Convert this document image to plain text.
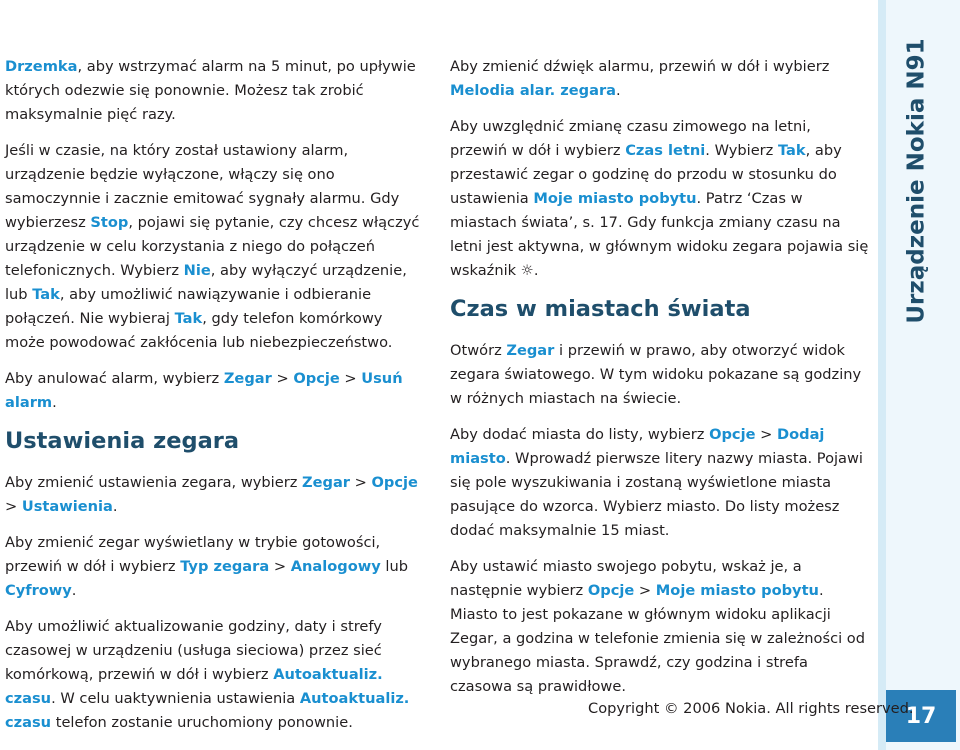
Drzemka, aby wstrzymać alarm na 5 minut, po upływie których odezwie się ponownie. Możesz tak zrobić maksymalnie pięć razy.

Jeśli w czasie, na który został ustawiony alarm, urządzenie będzie wyłączone, włączy się ono samoczynnie i zacznie emitować sygnały alarmu. Gdy wybierzesz Stop, pojawi się pytanie, czy chcesz włączyć urządzenie w celu korzystania z niego do połączeń telefonicznych. Wybierz Nie, aby wyłączyć urządzenie, lub Tak, aby umożliwić nawiązywanie i odbieranie połączeń. Nie wybieraj Tak, gdy telefon komórkowy może powodować zakłócenia lub niebezpieczeństwo.

Aby anulować alarm, wybierz Zegar > Opcje > Usuń alarm.

Ustawienia zegara

Aby zmienić ustawienia zegara, wybierz Zegar > Opcje > Ustawienia.

Aby zmienić zegar wyświetlany w trybie gotowości, przewiń w dół i wybierz Typ zegara > Analogowy lub Cyfrowy.

Aby umożliwić aktualizowanie godziny, daty i strefy czasowej w urządzeniu (usługa sieciowa) przez sieć komórkową, przewiń w dół i wybierz Autoaktualiz. czasu. W celu uaktywnienia ustawienia Autoaktualiz. czasu telefon zostanie uruchomiony ponownie.

Aby zmienić dźwięk alarmu, przewiń w dół i wybierz Melodia alar. zegara.

Aby uwzględnić zmianę czasu zimowego na letni, przewiń w dół i wybierz Czas letni. Wybierz Tak, aby przestawić zegar o godzinę do przodu w stosunku do ustawienia Moje miasto pobytu. Patrz ‘Czas w miastach świata’, s. 17. Gdy funkcja zmiany czasu na letni jest aktywna, w głównym widoku zegara pojawia się wskaźnik ☼.

Czas w miastach świata

Otwórz Zegar i przewiń w prawo, aby otworzyć widok zegara światowego. W tym widoku pokazane są godziny w różnych miastach na świecie.

Aby dodać miasta do listy, wybierz Opcje > Dodaj miasto. Wprowadź pierwsze litery nazwy miasta. Pojawi się pole wyszukiwania i zostaną wyświetlone miasta pasujące do wzorca. Wybierz miasto. Do listy możesz dodać maksymalnie 15 miast.

Aby ustawić miasto swojego pobytu, wskaż je, a następnie wybierz Opcje > Moje miasto pobytu. Miasto to jest pokazane w głównym widoku aplikacji Zegar, a godzina w telefonie zmienia się w zależności od wybranego miasta. Sprawdź, czy godzina i strefa czasowa są prawidłowe.

Urządzenie Nokia N91
17
Copyright © 2006 Nokia. All rights reserved.
